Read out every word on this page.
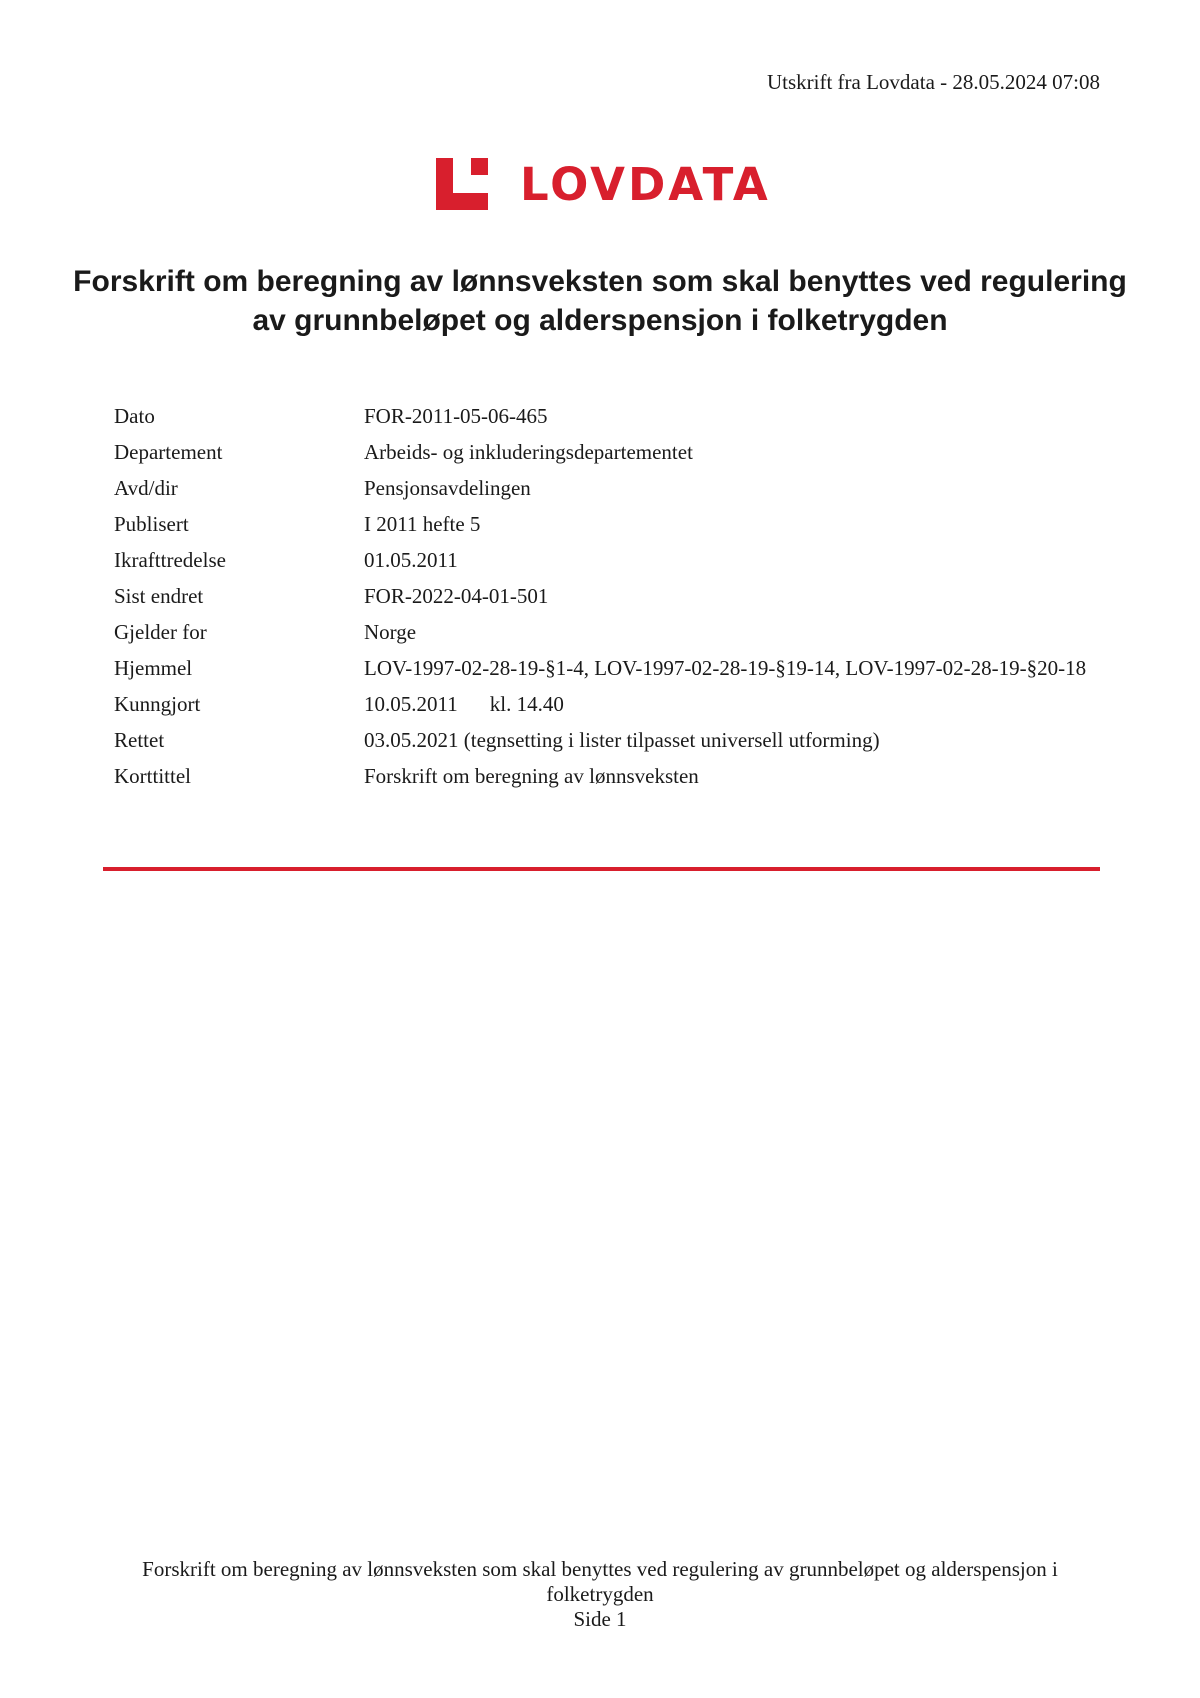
Utskrift fra Lovdata - 28.05.2024 07:08
LOVDATA
Forskrift om beregning av lønnsveksten som skal benyttes ved regulering av grunnbeløpet og alderspensjon i folketrygden
Dato	FOR-2011-05-06-465
Departement	Arbeids- og inkluderingsdepartementet
Avd/dir	Pensjonsavdelingen
Publisert	I 2011 hefte 5
Ikrafttredelse	01.05.2011
Sist endret	FOR-2022-04-01-501
Gjelder for	Norge
Hjemmel	LOV-1997-02-28-19-§1-4, LOV-1997-02-28-19-§19-14, LOV-1997-02-28-19-§20-18
Kunngjort	10.05.2011 kl. 14.40
Rettet	03.05.2021 (tegnsetting i lister tilpasset universell utforming)
Korttittel	Forskrift om beregning av lønnsveksten
Forskrift om beregning av lønnsveksten som skal benyttes ved regulering av grunnbeløpet og alderspensjon i folketrygden
Side 1
